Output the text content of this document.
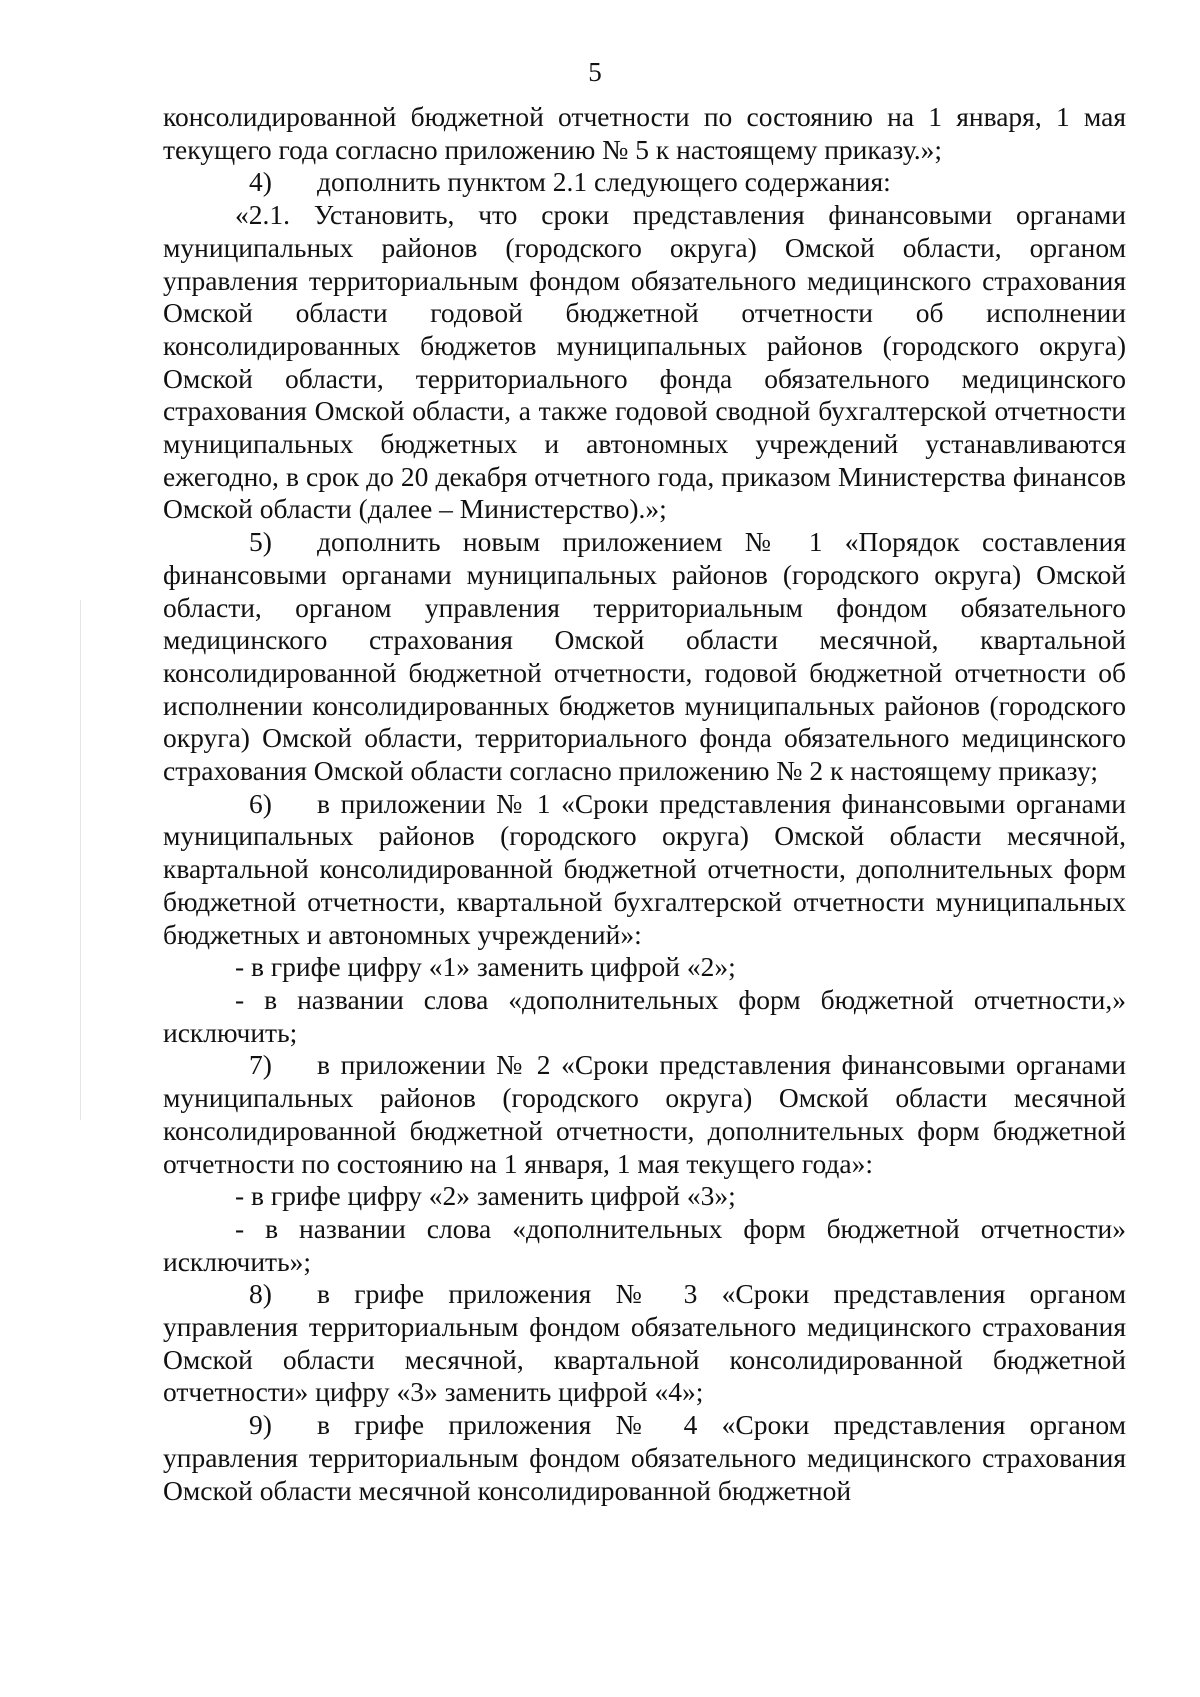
5

консолидированной бюджетной отчетности по состоянию на 1 января, 1 мая текущего года согласно приложению № 5 к настоящему приказу.»;

4) дополнить пунктом 2.1 следующего содержания:

«2.1. Установить, что сроки представления финансовыми органами муниципальных районов (городского округа) Омской области, органом управления территориальным фондом обязательного медицинского страхования Омской области годовой бюджетной отчетности об исполнении консолидированных бюджетов муниципальных районов (городского округа) Омской области, территориального фонда обязательного медицинского страхования Омской области, а также годовой сводной бухгалтерской отчетности муниципальных бюджетных и автономных учреждений устанавливаются ежегодно, в срок до 20 декабря отчетного года, приказом Министерства финансов Омской области (далее – Министерство).»;

5) дополнить новым приложением № 1 «Порядок составления финансовыми органами муниципальных районов (городского округа) Омской области, органом управления территориальным фондом обязательного медицинского страхования Омской области месячной, квартальной консолидированной бюджетной отчетности, годовой бюджетной отчетности об исполнении консолидированных бюджетов муниципальных районов (городского округа) Омской области, территориального фонда обязательного медицинского страхования Омской области согласно приложению № 2 к настоящему приказу;

6) в приложении № 1 «Сроки представления финансовыми органами муниципальных районов (городского округа) Омской области месячной, квартальной консолидированной бюджетной отчетности, дополнительных форм бюджетной отчетности, квартальной бухгалтерской отчетности муниципальных бюджетных и автономных учреждений»:

- в грифе цифру «1» заменить цифрой «2»;

- в названии слова «дополнительных форм бюджетной отчетности,» исключить;

7) в приложении № 2 «Сроки представления финансовыми органами муниципальных районов (городского округа) Омской области месячной консолидированной бюджетной отчетности, дополнительных форм бюджетной отчетности по состоянию на 1 января, 1 мая текущего года»:

- в грифе цифру «2» заменить цифрой «3»;

- в названии слова «дополнительных форм бюджетной отчетности» исключить»;

8) в грифе приложения № 3 «Сроки представления органом управления территориальным фондом обязательного медицинского страхования Омской области месячной, квартальной консолидированной бюджетной отчетности» цифру «3» заменить цифрой «4»;

9) в грифе приложения № 4 «Сроки представления органом управления территориальным фондом обязательного медицинского страхования Омской области месячной консолидированной бюджетной
